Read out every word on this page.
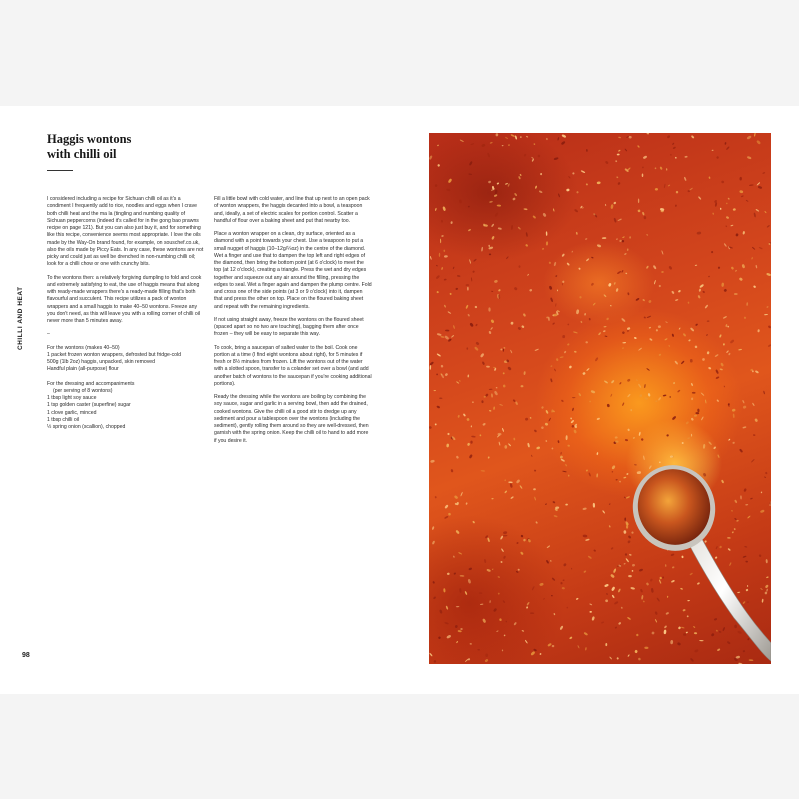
Haggis wontons
with chilli oil
CHILLI AND HEAT
98

I considered including a recipe for Sichuan chilli oil as it's a condiment I frequently add to rice, noodles and eggs when I crave both chilli heat and the ma la (tingling and numbing quality of Sichuan peppercorns (indeed it's called for in the gong bao prawns recipe on page 121). But you can also just buy it, and for something like this recipe, convenience seems most appropriate. I love the oils made by the Way-On brand found, for example, on souschef.co.uk, also the oils made by Piccy Eats. In any case, these wontons are not picky and could just as well be drenched in non-numbing chilli oil; look for a chilli chow or one with crunchy bits.

To the wontons then: a relatively forgiving dumpling to fold and cook and extremely satisfying to eat, the use of haggis means that along with ready-made wrappers there's a ready-made filling that's both flavourful and succulent. This recipe utilizes a pack of wonton wrappers and a small haggis to make 40–50 wontons. Freeze any you don't need, as this will leave you with a rolling corner of chilli oil never more than 5 minutes away.

–

For the wontons (makes 40–50)
1 packet frozen wonton wrappers, defrosted but fridge-cold
500g (1lb 2oz) haggis, unpacked, skin removed
Handful plain (all-purpose) flour
For the dressing and accompaniments
(per serving of 8 wontons)
1 tbsp light soy sauce
1 tsp golden caster (superfine) sugar
1 clove garlic, minced
1 tbsp chilli oil
½ spring onion (scallion), chopped

Fill a little bowl with cold water, and line that up next to an open pack of wonton wrappers, the haggis decanted into a bowl, a teaspoon and, ideally, a set of electric scales for portion control. Scatter a handful of flour over a baking sheet and put that nearby too.

Place a wonton wrapper on a clean, dry surface, oriented as a diamond with a point towards your chest. Use a teaspoon to put a small nugget of haggis (10–12g/¼oz) in the centre of the diamond. Wet a finger and use that to dampen the top left and right edges of the diamond, then bring the bottom point (at 6 o'clock) to meet the top (at 12 o'clock), creating a triangle. Press the wet and dry edges together and squeeze out any air around the filling, pressing the edges to seal. Wet a finger again and dampen the plump centre. Fold and cross one of the side points (at 3 or 9 o'clock) into it, dampen that and press the other on top. Place on the floured baking sheet and repeat with the remaining ingredients.

If not using straight away, freeze the wontons on the floured sheet (spaced apart so no two are touching), bagging them after once frozen – they will be easy to separate this way.

To cook, bring a saucepan of salted water to the boil. Cook one portion at a time (I find eight wontons about right), for 5 minutes if fresh or 8½ minutes from frozen. Lift the wontons out of the water with a slotted spoon, transfer to a colander set over a bowl (and add another batch of wontons to the saucepan if you're cooking additional portions).

Ready the dressing while the wontons are boiling by combining the soy sauce, sugar and garlic in a serving bowl, then add the drained, cooked wontons. Give the chilli oil a good stir to dredge up any sediment and pour a tablespoon over the wontons (including the sediment), gently rolling them around so they are well-dressed, then garnish with the spring onion. Keep the chilli oil to hand to add more if you desire it.
